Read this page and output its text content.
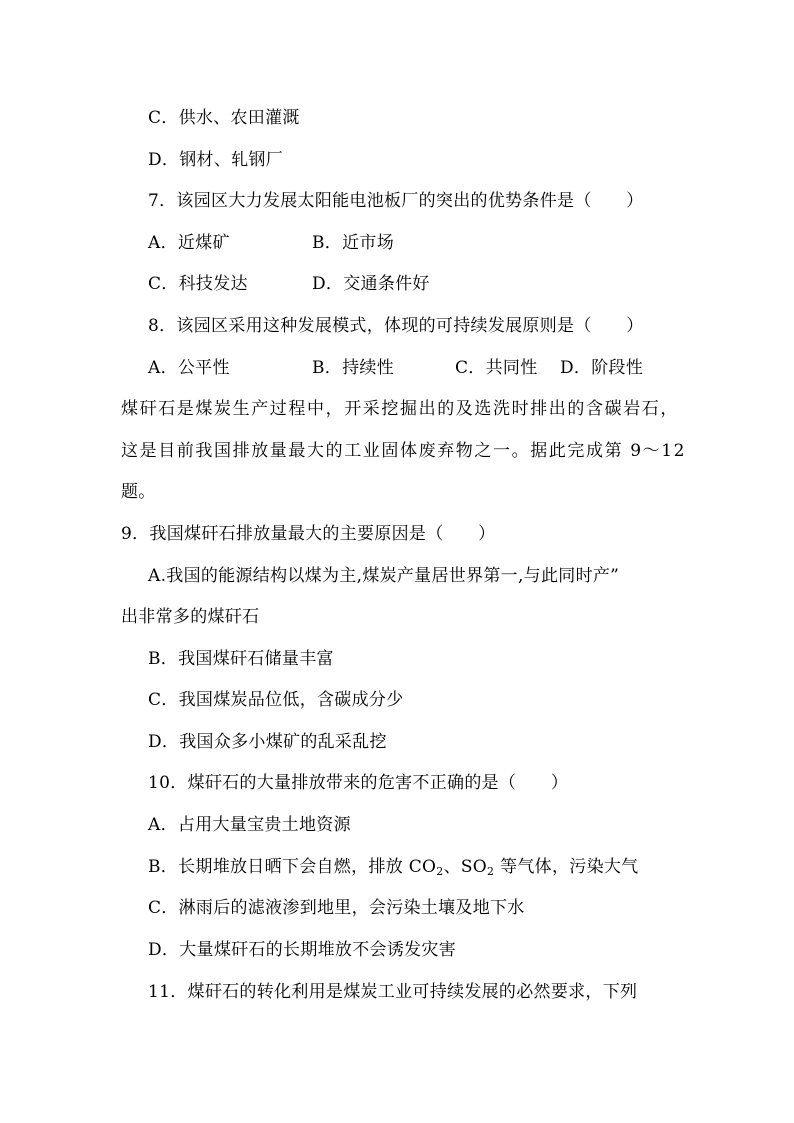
C．供水、农田灌溉
D．钢材、轧钢厂
7．该园区大力发展太阳能电池板厂的突出的优势条件是（　　）
A．近煤矿	B．近市场
C．科技发达	D．交通条件好
8．该园区采用这种发展模式，体现的可持续发展原则是（　　）
A．公平性	B．持续性	C．共同性 D．阶段性
煤矸石是煤炭生产过程中，开采挖掘出的及选洗时排出的含碳岩石，
这是目前我国排放量最大的工业固体废弃物之一。据此完成第 9～12
题。
9．我国煤矸石排放量最大的主要原因是（　　）
A.我国的能源结构以煤为主,煤炭产量居世界第一,与此同时产”
出非常多的煤矸石
B．我国煤矸石储量丰富
C．我国煤炭品位低，含碳成分少
D．我国众多小煤矿的乱采乱挖
10．煤矸石的大量排放带来的危害不正确的是（　　）
A．占用大量宝贵土地资源
B．长期堆放日晒下会自燃，排放 $CO_2$、$SO_2$ 等气体，污染大气
C．淋雨后的滤液渗到地里，会污染土壤及地下水
D．大量煤矸石的长期堆放不会诱发灾害
11．煤矸石的转化利用是煤炭工业可持续发展的必然要求，下列
